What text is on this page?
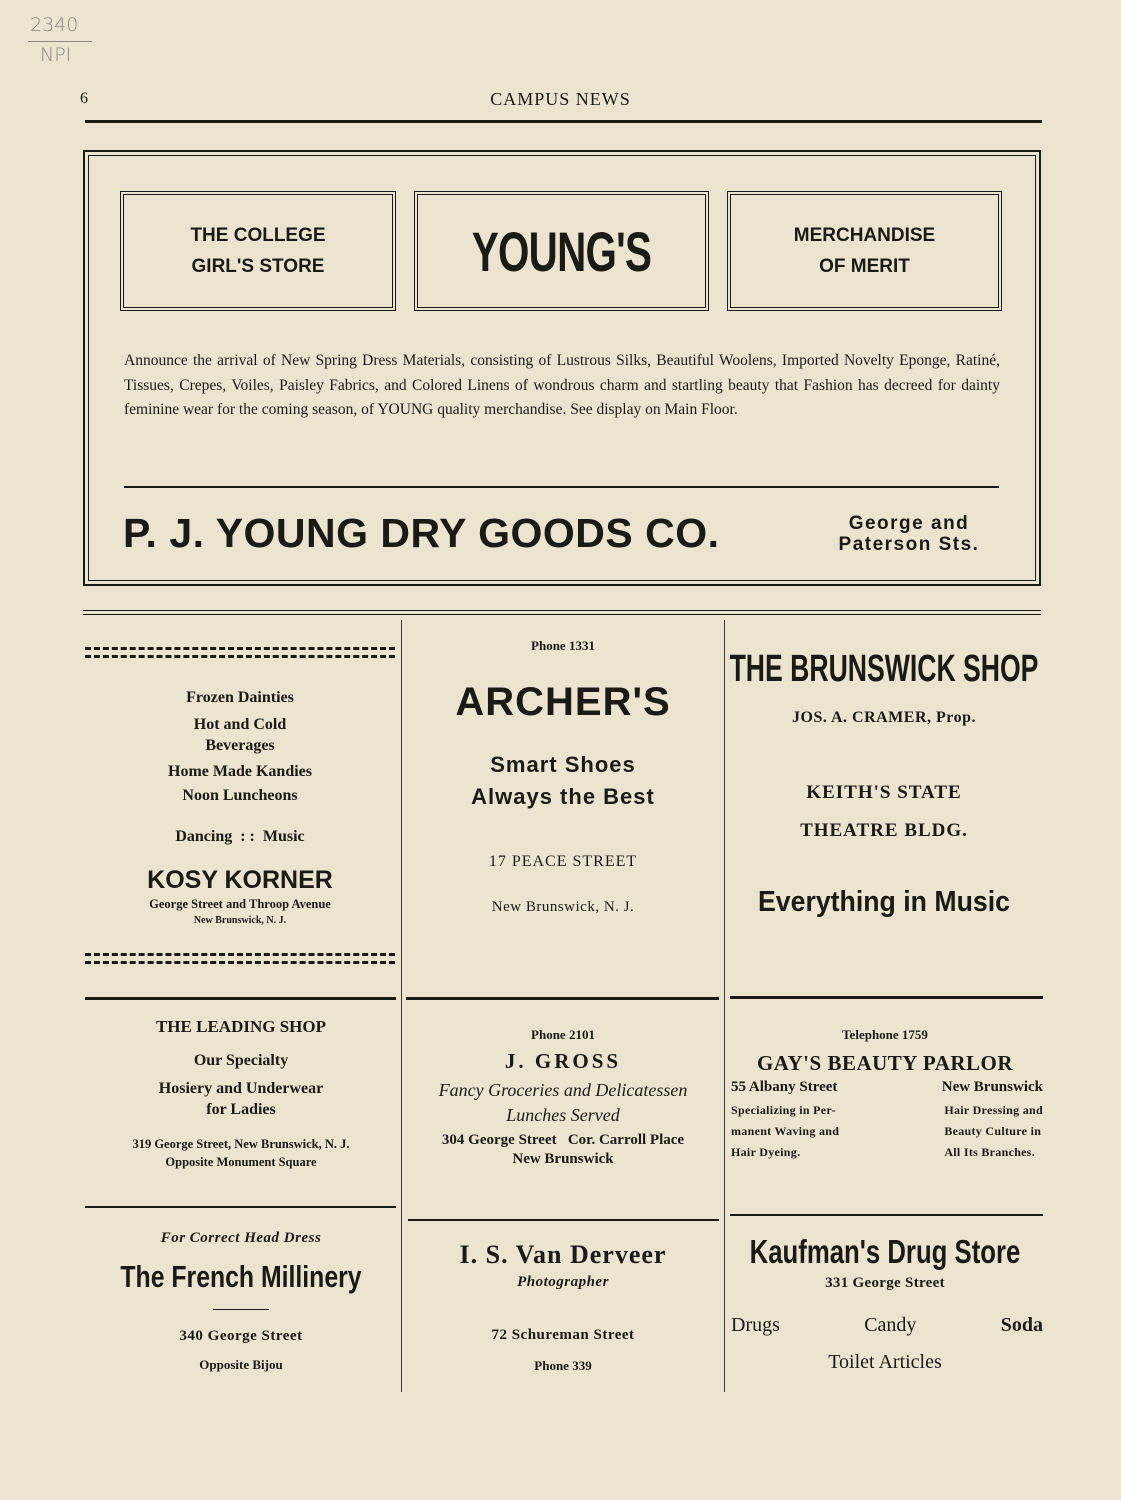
2340
NPI
6	CAMPUS NEWS
THE COLLEGE
GIRL'S STORE	YOUNG'S	MERCHANDISE
OF MERIT
Announce the arrival of New Spring Dress Materials, consisting of Lustrous Silks, Beautiful Woolens, Imported Novelty Eponge, Ratiné, Tissues, Crepes, Voiles, Paisley Fabrics, and Colored Linens of wondrous charm and startling beauty that Fashion has decreed for dainty feminine wear for the coming season, of YOUNG quality merchandise. See display on Main Floor.
P. J. YOUNG DRY GOODS CO.	George and
Paterson Sts.
Frozen Dainties
Hot and Cold
Beverages
Home Made Kandies
Noon Luncheons
Dancing  : :  Music
KOSY KORNER
George Street and Throop Avenue
New Brunswick, N. J.
Phone 1331
ARCHER'S
Smart Shoes
Always the Best
17 PEACE STREET
New Brunswick, N. J.
THE BRUNSWICK SHOP
JOS. A. CRAMER, Prop.
KEITH'S STATE
THEATRE BLDG.
Everything in Music
THE LEADING SHOP
Our Specialty
Hosiery and Underwear
for Ladies
319 George Street, New Brunswick, N. J.
Opposite Monument Square
Phone 2101
J. GROSS
Fancy Groceries and Delicatessen
Lunches Served
304 George Street   Cor. Carroll Place
New Brunswick
Telephone 1759
GAY'S BEAUTY PARLOR
55 Albany Street	New Brunswick
Specializing in Per-
manent Waving and
Hair Dyeing.
Hair Dressing and
Beauty Culture in
All Its Branches.
For Correct Head Dress
The French Millinery
340 George Street
Opposite Bijou
I. S. Van Derveer
Photographer
72 Schureman Street
Phone 339
Kaufman's Drug Store
331 George Street
Drugs	Candy	Soda
Toilet Articles
